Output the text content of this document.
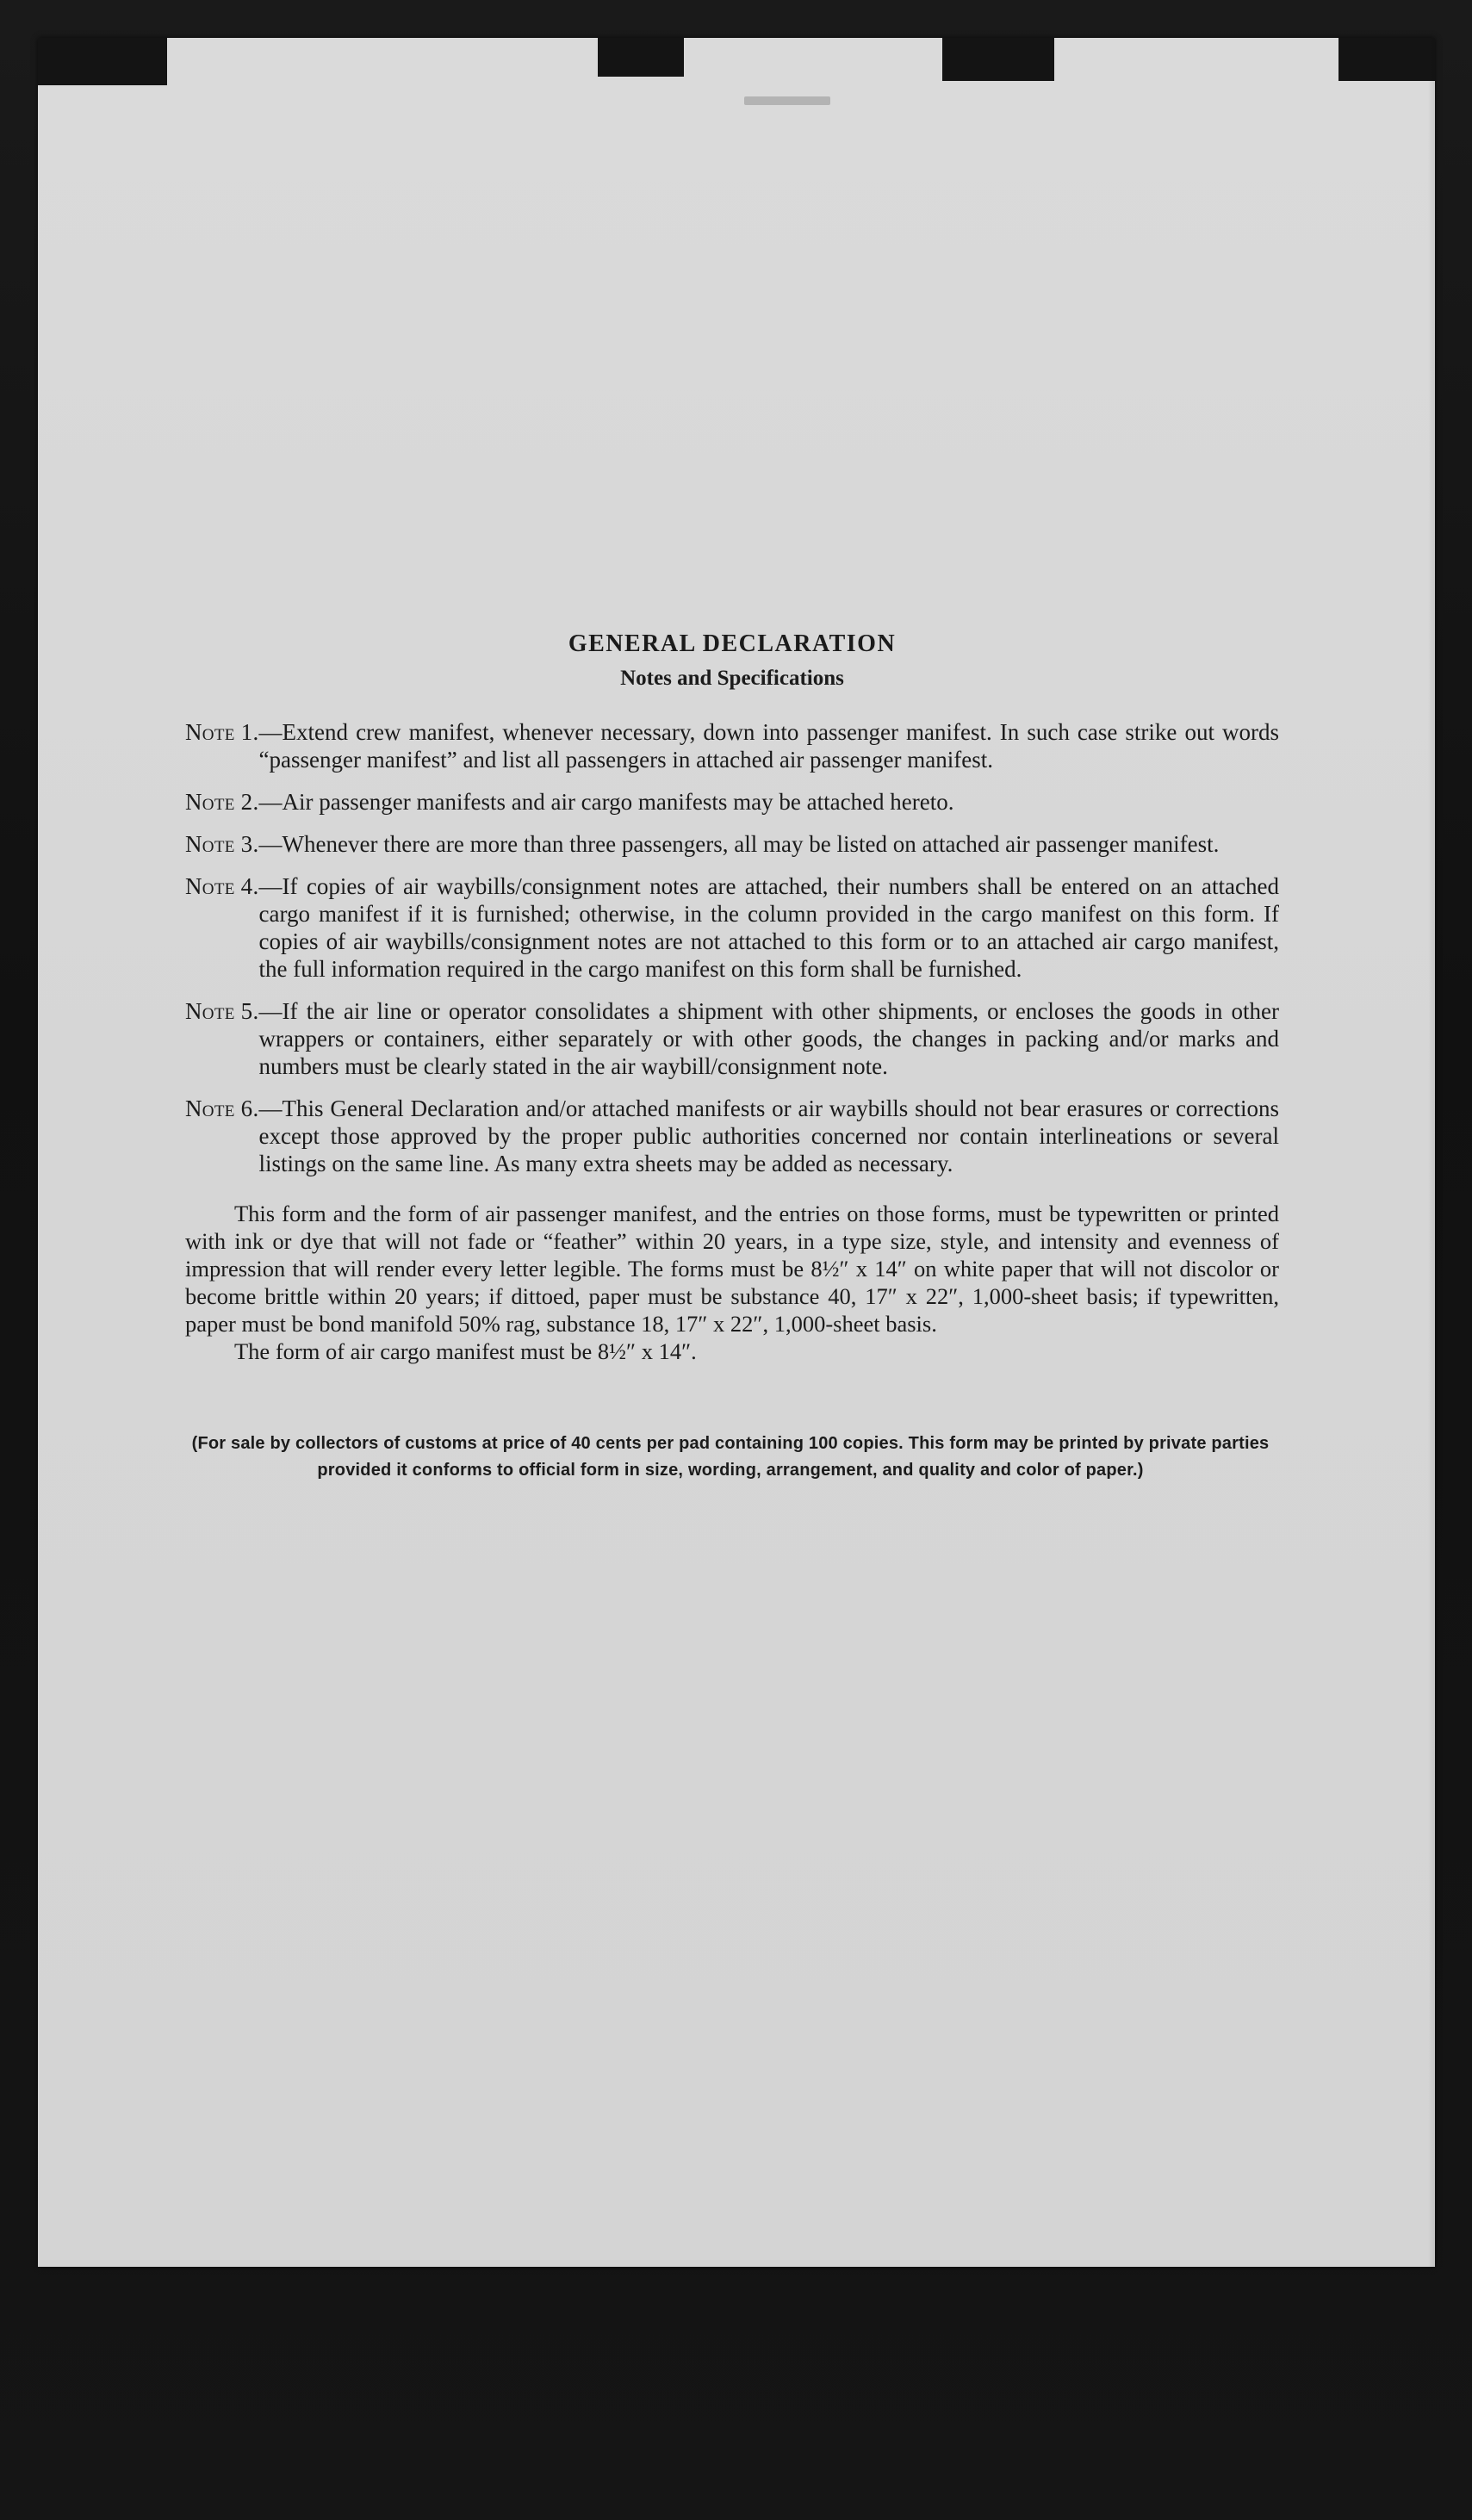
GENERAL DECLARATION
Notes and Specifications
Note 1. —Extend crew manifest, whenever necessary, down into passenger manifest. In such case strike out words “passenger manifest” and list all passengers in attached air passenger manifest.
Note 2. —Air passenger manifests and air cargo manifests may be attached hereto.
Note 3. —Whenever there are more than three passengers, all may be listed on attached air passenger manifest.
Note 4. —If copies of air waybills/consignment notes are attached, their numbers shall be entered on an attached cargo manifest if it is furnished; otherwise, in the column provided in the cargo manifest on this form. If copies of air waybills/consignment notes are not attached to this form or to an attached air cargo manifest, the full information required in the cargo manifest on this form shall be furnished.
Note 5. —If the air line or operator consolidates a shipment with other shipments, or encloses the goods in other wrappers or containers, either separately or with other goods, the changes in packing and/or marks and numbers must be clearly stated in the air waybill/consignment note.
Note 6. —This General Declaration and/or attached manifests or air waybills should not bear erasures or corrections except those approved by the proper public authorities concerned nor contain interlineations or several listings on the same line. As many extra sheets may be added as necessary.

This form and the form of air passenger manifest, and the entries on those forms, must be typewritten or printed with ink or dye that will not fade or “feather” within 20 years, in a type size, style, and intensity and evenness of impression that will render every letter legible. The forms must be 8½″ x 14″ on white paper that will not discolor or become brittle within 20 years; if dittoed, paper must be substance 40, 17″ x 22″, 1,000-sheet basis; if typewritten, paper must be bond manifold 50% rag, substance 18, 17″ x 22″, 1,000-sheet basis.

The form of air cargo manifest must be 8½″ x 14″.

(For sale by collectors of customs at price of 40 cents per pad containing 100 copies. This form may be printed by private parties provided it conforms to official form in size, wording, arrangement, and quality and color of paper.)
